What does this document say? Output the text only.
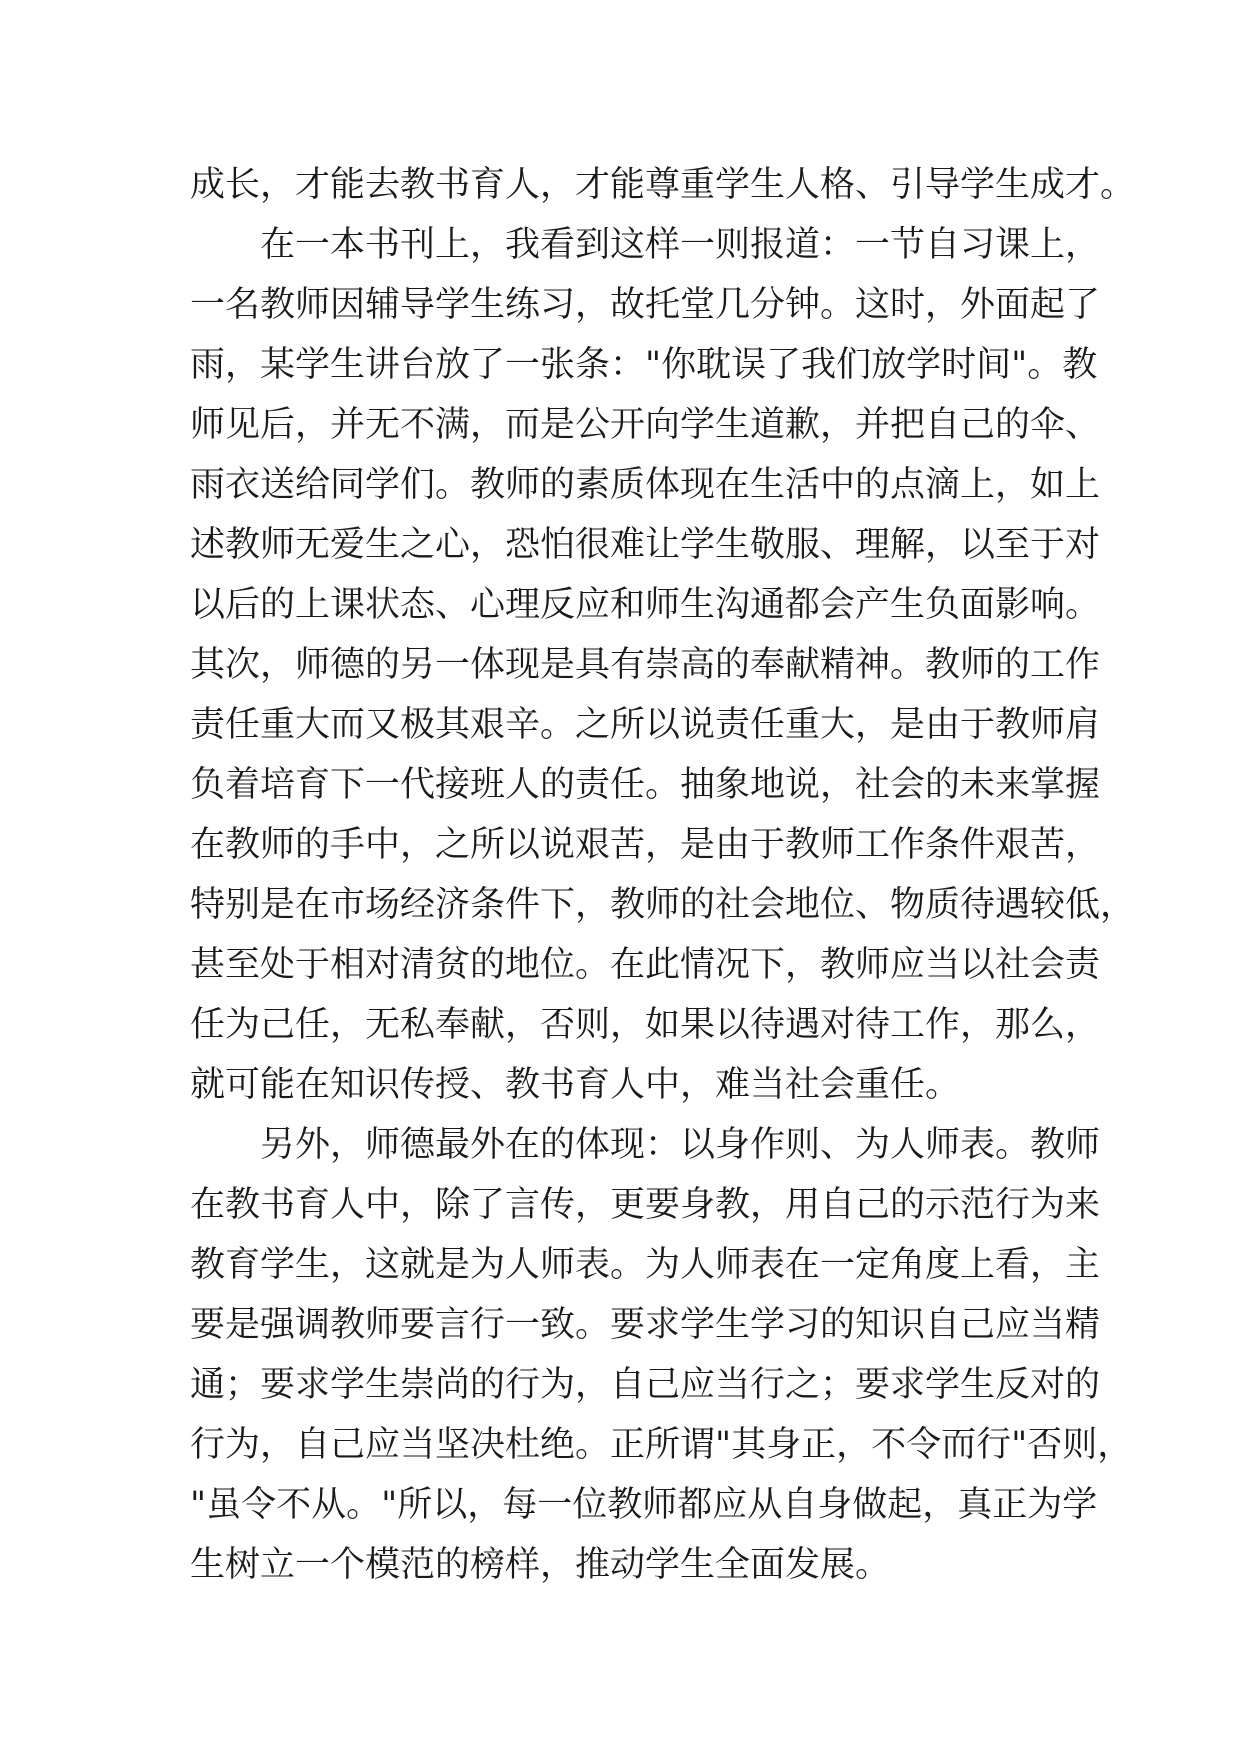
成长，才能去教书育人，才能尊重学生人格、引导学生成才。
在一本书刊上，我看到这样一则报道：一节自习课上，
一名教师因辅导学生练习，故托堂几分钟。这时，外面起了
雨，某学生讲台放了一张条："你耽误了我们放学时间"。教
师见后，并无不满，而是公开向学生道歉，并把自己的伞、
雨衣送给同学们。教师的素质体现在生活中的点滴上，如上
述教师无爱生之心，恐怕很难让学生敬服、理解，以至于对
以后的上课状态、心理反应和师生沟通都会产生负面影响。
其次，师德的另一体现是具有崇高的奉献精神。教师的工作
责任重大而又极其艰辛。之所以说责任重大，是由于教师肩
负着培育下一代接班人的责任。抽象地说，社会的未来掌握
在教师的手中，之所以说艰苦，是由于教师工作条件艰苦，
特别是在市场经济条件下，教师的社会地位、物质待遇较低，
甚至处于相对清贫的地位。在此情况下，教师应当以社会责
任为己任，无私奉献，否则，如果以待遇对待工作，那么，
就可能在知识传授、教书育人中，难当社会重任。
另外，师德最外在的体现：以身作则、为人师表。教师
在教书育人中，除了言传，更要身教，用自己的示范行为来
教育学生，这就是为人师表。为人师表在一定角度上看，主
要是强调教师要言行一致。要求学生学习的知识自己应当精
通；要求学生崇尚的行为，自己应当行之；要求学生反对的
行为，自己应当坚决杜绝。正所谓"其身正，不令而行"否则，
"虽令不从。"所以，每一位教师都应从自身做起，真正为学
生树立一个模范的榜样，推动学生全面发展。
